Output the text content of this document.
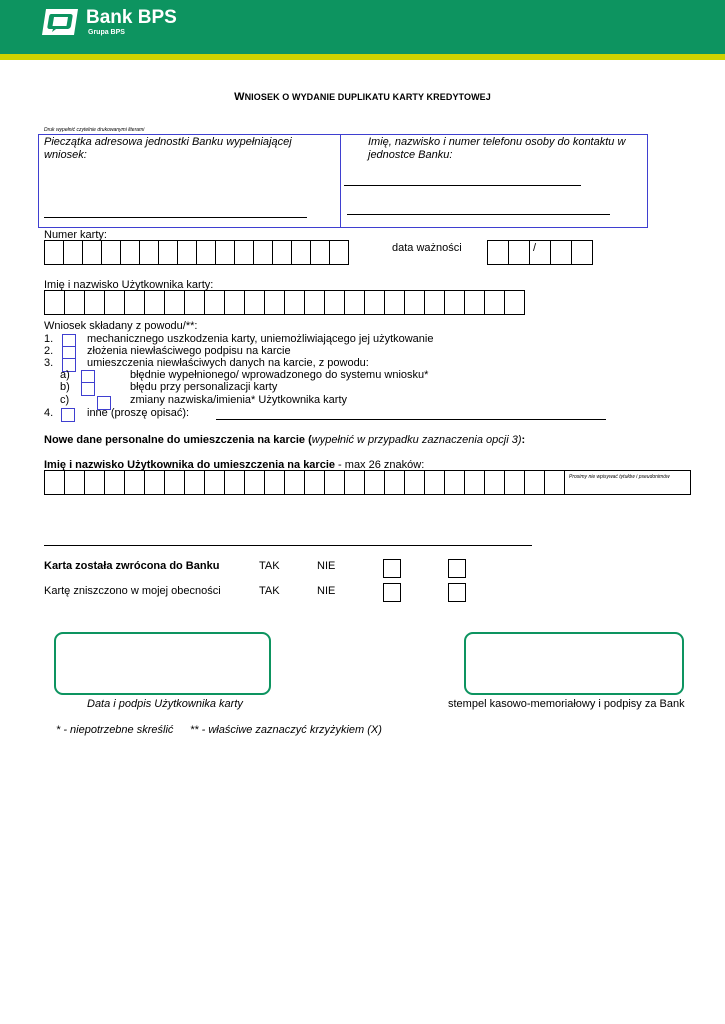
Bank BPS
Grupa BPS
WNIOSEK O WYDANIE DUPLIKATU KARTY KREDYTOWEJ
Druk wypełnić czytelnie drukowanymi literami
Pieczątka adresowa jednostki Banku wypełniającej wniosek:
Imię, nazwisko i numer telefonu osoby do kontaktu w jednostce Banku:
Numer karty:
data ważności	/
Imię i nazwisko Użytkownika karty:
Wniosek składany z powodu/**:
1.	mechanicznego uszkodzenia karty, uniemożliwiającego jej użytkowanie
2.	złożenia niewłaściwego podpisu na karcie
3.	umieszczenia niewłaściwych danych na karcie, z powodu:
a)	błędnie wypełnionego/ wprowadzonego do systemu wniosku*
b)	błędu przy personalizacji karty
c)	zmiany nazwiska/imienia* Użytkownika karty
4.	inne (proszę opisać):
Nowe dane personalne do umieszczenia na karcie (wypełnić w przypadku zaznaczenia opcji 3):
Imię i nazwisko Użytkownika do umieszczenia na karcie - max 26 znaków:
Prosimy nie wpisywać tytułów i pseudonimów
Karta została zwrócona do Banku	TAK	NIE
Kartę zniszczono w mojej obecności	TAK	NIE
Data i podpis Użytkownika karty	stempel kasowo-memoriałowy i podpisy za Bank
* - niepotrzebne skreślić ** - właściwe zaznaczyć krzyżykiem (X)
